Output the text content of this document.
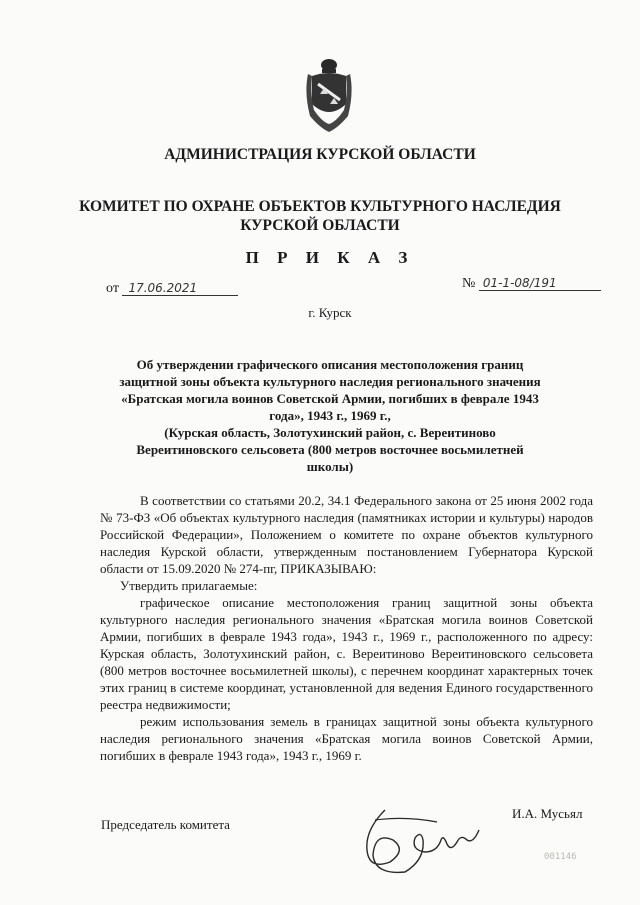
АДМИНИСТРАЦИЯ КУРСКОЙ ОБЛАСТИ
КОМИТЕТ ПО ОХРАНЕ ОБЪЕКТОВ КУЛЬТУРНОГО НАСЛЕДИЯ
КУРСКОЙ ОБЛАСТИ
П Р И К А З
от 17.06.2021	№ 01-1-08/191
г. Курск
Об утверждении графического описания местоположения границ
защитной зоны объекта культурного наследия регионального значения
«Братская могила воинов Советской Армии, погибших в феврале 1943
года», 1943 г., 1969 г.,
(Курская область, Золотухинский район, с. Вереитиново
Вереитиновского сельсовета (800 метров восточнее восьмилетней
школы)

В соответствии со статьями 20.2, 34.1 Федерального закона от 25 июня 2002 года № 73-ФЗ «Об объектах культурного наследия (памятниках истории и культуры) народов Российской Федерации», Положением о комитете по охране объектов культурного наследия Курской области, утвержденным постановлением Губернатора Курской области от 15.09.2020 № 274-пг, ПРИКАЗЫВАЮ:

Утвердить прилагаемые:

графическое описание местоположения границ защитной зоны объекта культурного наследия регионального значения «Братская могила воинов Советской Армии, погибших в феврале 1943 года», 1943 г., 1969 г., расположенного по адресу: Курская область, Золотухинский район, с. Вереитиново Вереитиновского сельсовета (800 метров восточнее восьмилетней школы), с перечнем координат характерных точек этих границ в системе координат, установленной для ведения Единого государственного реестра недвижимости;

режим использования земель в границах защитной зоны объекта культурного наследия регионального значения «Братская могила воинов Советской Армии, погибших в феврале 1943 года», 1943 г., 1969 г.

Председатель комитета
И.А. Мусьял
001146
